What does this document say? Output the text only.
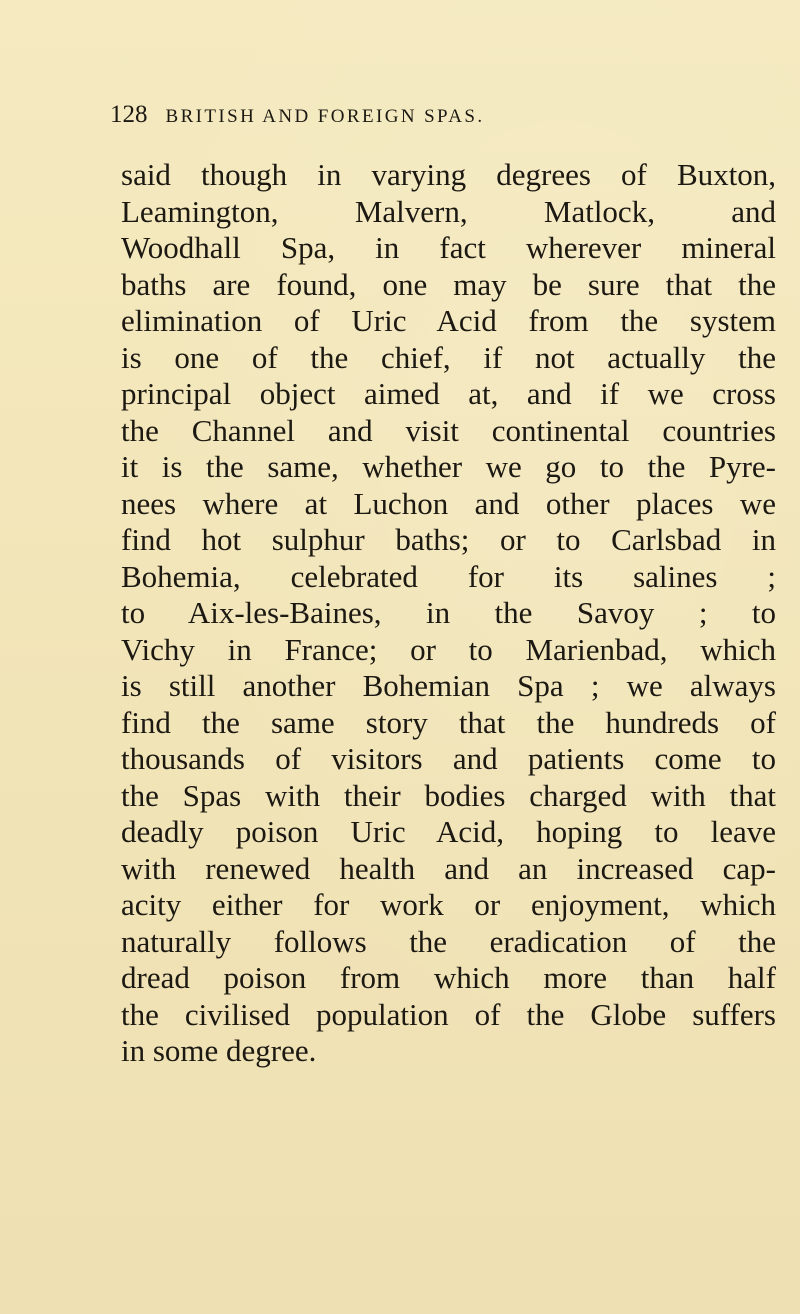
128 BRITISH AND FOREIGN SPAS.
said though in varying degrees of Buxton,
Leamington, Malvern, Matlock, and
Woodhall Spa, in fact wherever mineral
baths are found, one may be sure that the
elimination of Uric Acid from the system
is one of the chief, if not actually the
principal object aimed at, and if we cross
the Channel and visit continental countries
it is the same, whether we go to the Pyre-
nees where at Luchon and other places we
find hot sulphur baths; or to Carlsbad in
Bohemia, celebrated for its salines ;
to Aix-les-Baines, in the Savoy ; to
Vichy in France; or to Marienbad, which
is still another Bohemian Spa ; we always
find the same story that the hundreds of
thousands of visitors and patients come to
the Spas with their bodies charged with that
deadly poison Uric Acid, hoping to leave
with renewed health and an increased cap-
acity either for work or enjoyment, which
naturally follows the eradication of the
dread poison from which more than half
the civilised population of the Globe suffers
in some degree.
